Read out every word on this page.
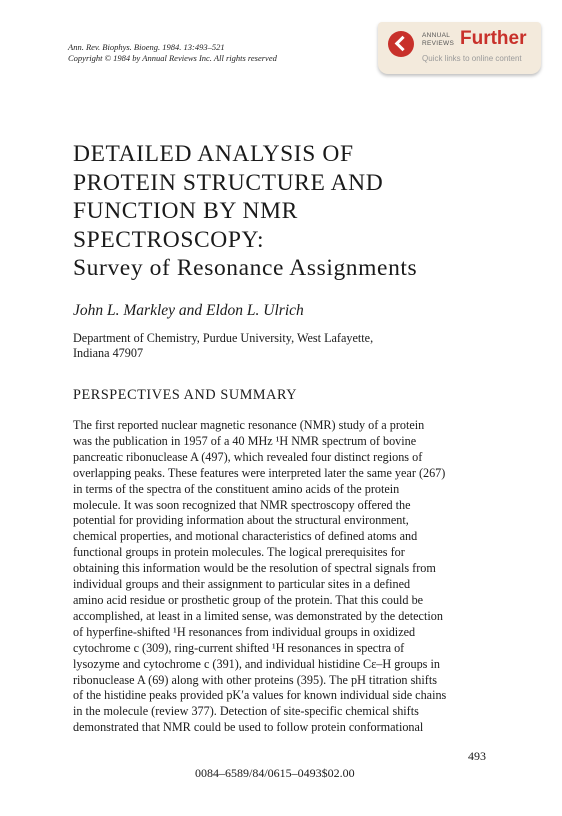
Ann. Rev. Biophys. Bioeng. 1984. 13:493–521
Copyright © 1984 by Annual Reviews Inc. All rights reserved
ANNUAL
REVIEWS Further
Quick links to online content
DETAILED ANALYSIS OF
PROTEIN STRUCTURE AND
FUNCTION BY NMR
SPECTROSCOPY:
Survey of Resonance Assignments
John L. Markley and Eldon L. Ulrich
Department of Chemistry, Purdue University, West Lafayette,
Indiana 47907
PERSPECTIVES AND SUMMARY
The first reported nuclear magnetic resonance (NMR) study of a protein
was the publication in 1957 of a 40 MHz ¹H NMR spectrum of bovine
pancreatic ribonuclease A (497), which revealed four distinct regions of
overlapping peaks. These features were interpreted later the same year (267)
in terms of the spectra of the constituent amino acids of the protein
molecule. It was soon recognized that NMR spectroscopy offered the
potential for providing information about the structural environment,
chemical properties, and motional characteristics of defined atoms and
functional groups in protein molecules. The logical prerequisites for
obtaining this information would be the resolution of spectral signals from
individual groups and their assignment to particular sites in a defined
amino acid residue or prosthetic group of the protein. That this could be
accomplished, at least in a limited sense, was demonstrated by the detection
of hyperfine-shifted ¹H resonances from individual groups in oxidized
cytochrome c (309), ring-current shifted ¹H resonances in spectra of
lysozyme and cytochrome c (391), and individual histidine Cε–H groups in
ribonuclease A (69) along with other proteins (395). The pH titration shifts
of the histidine peaks provided pK′a values for known individual side chains
in the molecule (review 377). Detection of site-specific chemical shifts
demonstrated that NMR could be used to follow protein conformational
493
0084–6589/84/0615–0493$02.00
